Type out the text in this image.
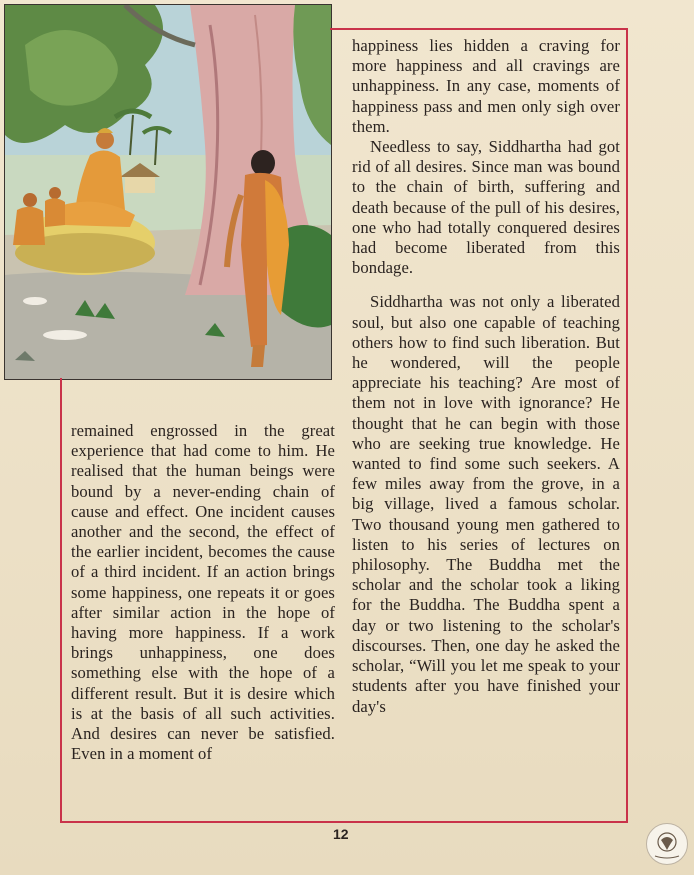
remained engrossed in the great experience that had come to him. He realised that the human beings were bound by a never-ending chain of cause and effect. One incident causes another and the second, the effect of the earlier incident, becomes the cause of a third incident. If an action brings some happiness, one repeats it or goes after similar action in the hope of having more happiness. If a work brings unhappiness, one does something else with the hope of a different result. But it is desire which is at the basis of all such activities. And desires can never be satisfied. Even in a moment of

happiness lies hidden a craving for more happiness and all cravings are unhappiness. In any case, moments of happiness pass and men only sigh over them.

Needless to say, Siddhartha had got rid of all desires. Since man was bound to the chain of birth, suffering and death because of the pull of his desires, one who had totally conquered desires had become liberated from this bondage.

Siddhartha was not only a liberated soul, but also one capable of teaching others how to find such liberation. But he wondered, will the people appreciate his teaching? Are most of them not in love with ignorance? He thought that he can begin with those who are seeking true knowledge. He wanted to find some such seekers. A few miles away from the grove, in a big village, lived a famous scholar. Two thousand young men gathered to listen to his series of lectures on philosophy. The Buddha met the scholar and the scholar took a liking for the Buddha. The Buddha spent a day or two listening to the scholar's discourses. Then, one day he asked the scholar, “Will you let me speak to your students after you have finished your day's

12
